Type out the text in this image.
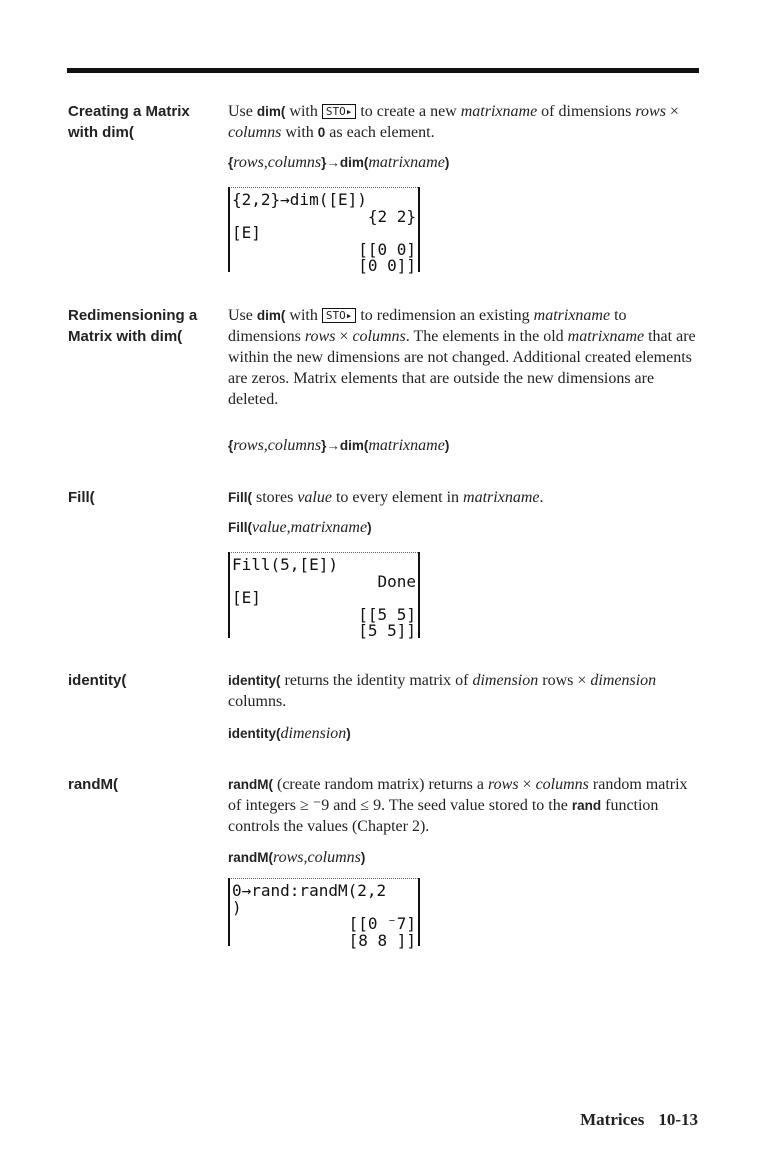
Creating a Matrix
with dim(
Use dim( with STO▸ to create a new matrixname of dimensions rows × columns with 0 as each element.
{rows,columns}→dim(matrixname)
{2,2}→dim([E])
{2 2}
[E]
[[0 0]
[0 0]]
Redimensioning a
Matrix with dim(
Use dim( with STO▸ to redimension an existing matrixname to dimensions rows × columns. The elements in the old matrixname that are within the new dimensions are not changed. Additional created elements are zeros. Matrix elements that are outside the new dimensions are deleted.
{rows,columns}→dim(matrixname)
Fill(	Fill( stores value to every element in matrixname.
Fill(value,matrixname)
Fill(5,[E])
Done
[E]
[[5 5]
[5 5]]
identity(	identity( returns the identity matrix of dimension rows × dimension columns.
identity(dimension)
randM(	randM( (create random matrix) returns a rows × columns random matrix of integers ≥ ⁻9 and ≤ 9. The seed value stored to the rand function controls the values (Chapter 2).
randM(rows,columns)
0→rand:randM(2,2
)
[[0 ⁻7]
[8 8 ]]
Matrices 10-13
